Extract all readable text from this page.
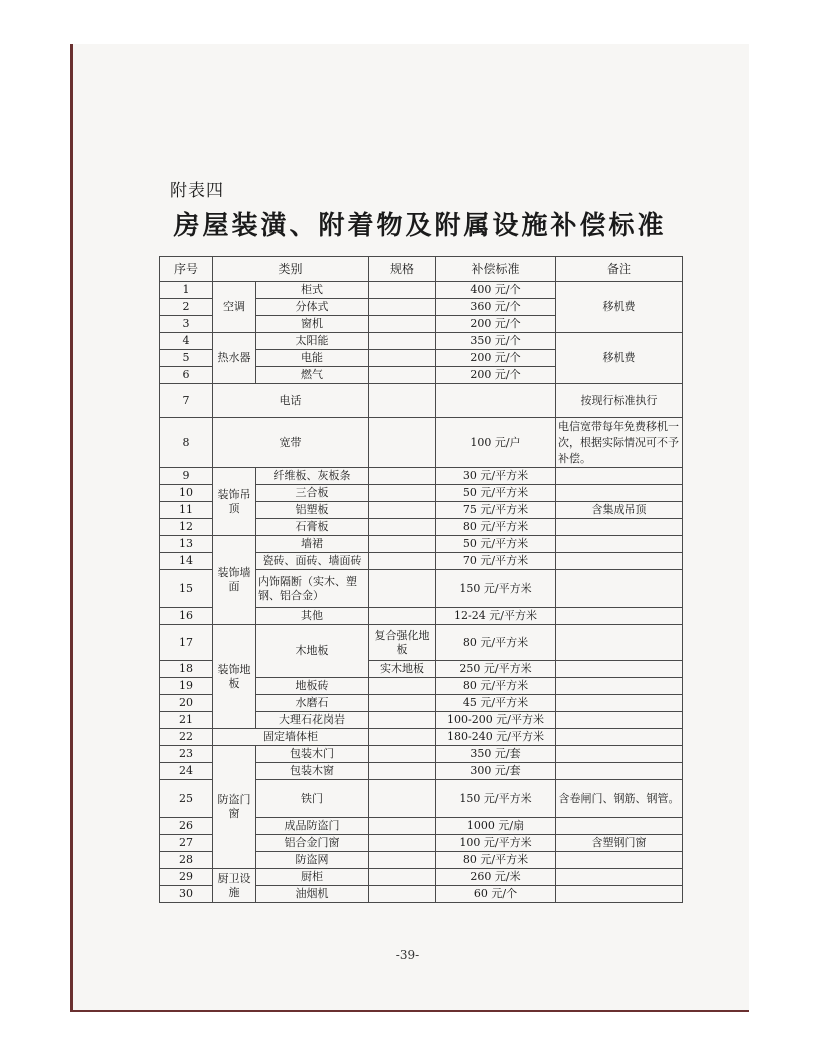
附表四
房屋装潢、附着物及附属设施补偿标准
序号	类别		规格	补偿标准	备注
1	空调	柜式		400 元/个	移机费
2		分体式		360 元/个	
3		窗机		200 元/个	
4	热水器	太阳能		350 元/个	移机费
5		电能		200 元/个	
6		燃气		200 元/个	
7	电话				按现行标准执行
8	宽带			100 元/户	电信宽带每年免费移机一次，根据实际情况可不予补偿。
9	装饰吊顶	纤维板、灰板条		30 元/平方米	
10		三合板		50 元/平方米	
11		铝塑板		75 元/平方米	含集成吊顶
12		石膏板		80 元/平方米	
13	装饰墙面	墙裙		50 元/平方米	
14		瓷砖、面砖、墙面砖		70 元/平方米	
15		内饰隔断（实木、塑钢、铝合金）		150 元/平方米	
16		其他		12-24 元/平方米	
17	装饰地板	木地板	复合强化地板	80 元/平方米	
18			实木地板	250 元/平方米	
19		地板砖		80 元/平方米	
20		水磨石		45 元/平方米	
21		大理石花岗岩		100-200 元/平方米	
22	固定墙体柜			180-240 元/平方米	
23	防盗门窗	包装木门		350 元/套	
24		包装木窗		300 元/套	
25		铁门		150 元/平方米	含卷闸门、钢筋、钢管。
26		成品防盗门		1000 元/扇	
27		铝合金门窗		100 元/平方米	含塑钢门窗
28		防盗网		80 元/平方米	
29	厨卫设施	厨柜		260 元/米	
30		油烟机		60 元/个	
-39-
